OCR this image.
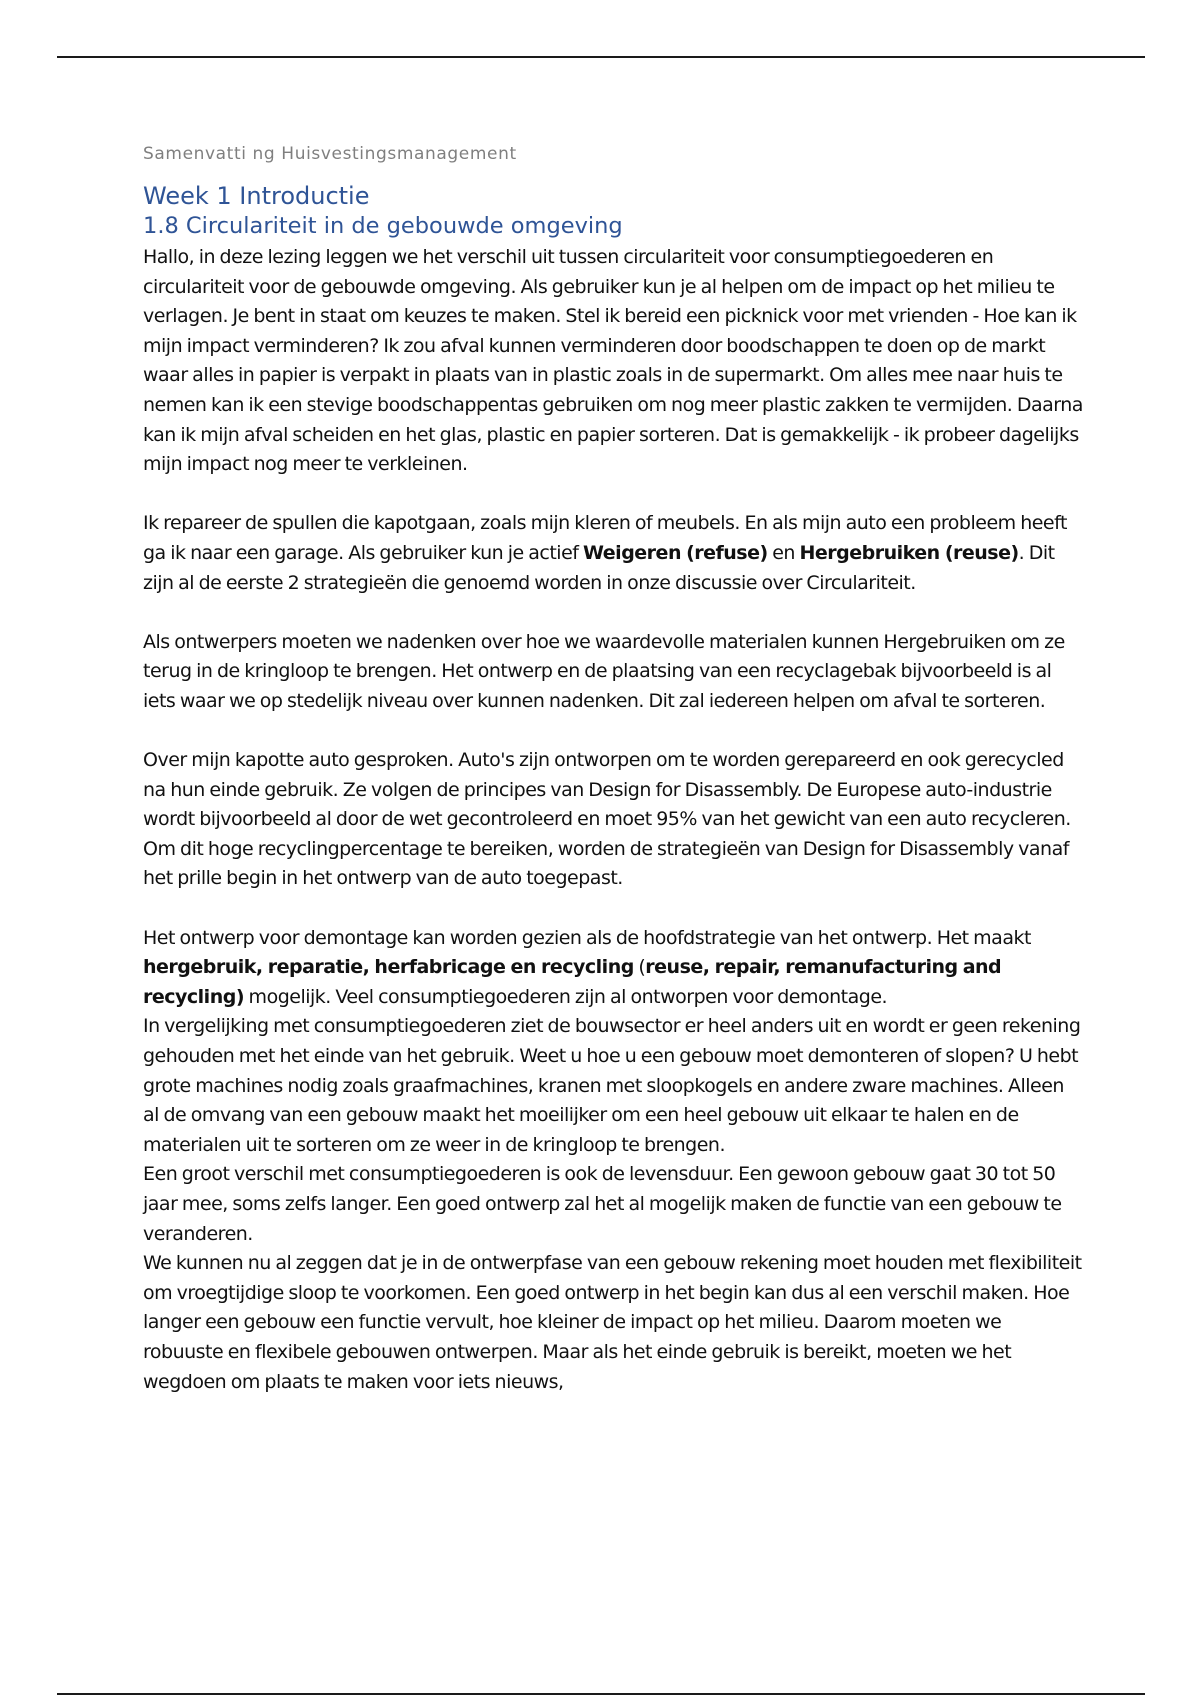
Samenvatti ng Huisvestingsmanagement
Week 1 Introductie
1.8 Circulariteit in de gebouwde omgeving

Hallo, in deze lezing leggen we het verschil uit tussen circulariteit voor consumptiegoederen en circulariteit voor de gebouwde omgeving. Als gebruiker kun je al helpen om de impact op het milieu te verlagen. Je bent in staat om keuzes te maken. Stel ik bereid een picknick voor met vrienden - Hoe kan ik mijn impact verminderen? Ik zou afval kunnen verminderen door boodschappen te doen op de markt waar alles in papier is verpakt in plaats van in plastic zoals in de supermarkt. Om alles mee naar huis te nemen kan ik een stevige boodschappentas gebruiken om nog meer plastic zakken te vermijden. Daarna kan ik mijn afval scheiden en het glas, plastic en papier sorteren. Dat is gemakkelijk - ik probeer dagelijks mijn impact nog meer te verkleinen.

Ik repareer de spullen die kapotgaan, zoals mijn kleren of meubels. En als mijn auto een probleem heeft ga ik naar een garage. Als gebruiker kun je actief Weigeren (refuse) en Hergebruiken (reuse). Dit zijn al de eerste 2 strategieën die genoemd worden in onze discussie over Circulariteit.

Als ontwerpers moeten we nadenken over hoe we waardevolle materialen kunnen Hergebruiken om ze terug in de kringloop te brengen. Het ontwerp en de plaatsing van een recyclagebak bijvoorbeeld is al iets waar we op stedelijk niveau over kunnen nadenken. Dit zal iedereen helpen om afval te sorteren.

Over mijn kapotte auto gesproken. Auto's zijn ontworpen om te worden gerepareerd en ook gerecycled na hun einde gebruik. Ze volgen de principes van Design for Disassembly. De Europese auto-industrie wordt bijvoorbeeld al door de wet gecontroleerd en moet 95% van het gewicht van een auto recycleren. Om dit hoge recyclingpercentage te bereiken, worden de strategieën van Design for Disassembly vanaf het prille begin in het ontwerp van de auto toegepast.

Het ontwerp voor demontage kan worden gezien als de hoofdstrategie van het ontwerp. Het maakt hergebruik, reparatie, herfabricage en recycling (reuse, repair, remanufacturing and recycling) mogelijk. Veel consumptiegoederen zijn al ontworpen voor demontage.

In vergelijking met consumptiegoederen ziet de bouwsector er heel anders uit en wordt er geen rekening gehouden met het einde van het gebruik. Weet u hoe u een gebouw moet demonteren of slopen? U hebt grote machines nodig zoals graafmachines, kranen met sloopkogels en andere zware machines. Alleen al de omvang van een gebouw maakt het moeilijker om een heel gebouw uit elkaar te halen en de materialen uit te sorteren om ze weer in de kringloop te brengen.

Een groot verschil met consumptiegoederen is ook de levensduur. Een gewoon gebouw gaat 30 tot 50 jaar mee, soms zelfs langer. Een goed ontwerp zal het al mogelijk maken de functie van een gebouw te veranderen.

We kunnen nu al zeggen dat je in de ontwerpfase van een gebouw rekening moet houden met flexibiliteit om vroegtijdige sloop te voorkomen. Een goed ontwerp in het begin kan dus al een verschil maken. Hoe langer een gebouw een functie vervult, hoe kleiner de impact op het milieu. Daarom moeten we robuuste en flexibele gebouwen ontwerpen. Maar als het einde gebruik is bereikt, moeten we het wegdoen om plaats te maken voor iets nieuws,
